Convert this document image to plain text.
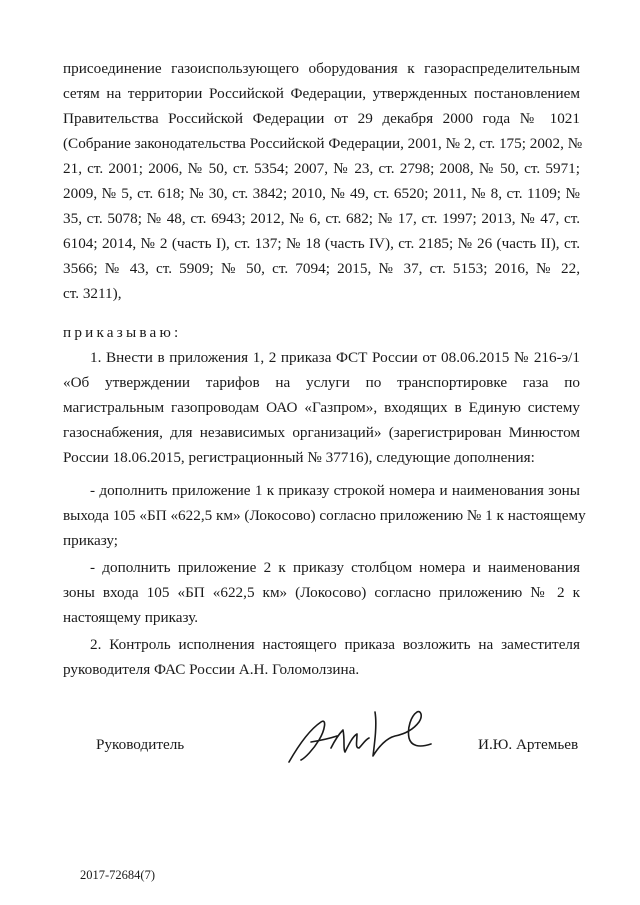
присоединение газоиспользующего оборудования к газораспределительным
сетям на территории Российской Федерации, утвержденных постановлением
Правительства Российской Федерации от 29 декабря 2000 года № 1021
(Собрание законодательства Российской Федерации, 2001, № 2, ст. 175; 2002, №
21, ст. 2001; 2006, № 50, ст. 5354; 2007, № 23, ст. 2798; 2008, № 50, ст. 5971;
2009, № 5, ст. 618; № 30, ст. 3842; 2010, № 49, ст. 6520; 2011, № 8, ст. 1109; №
35, ст. 5078; № 48, ст. 6943; 2012, № 6, ст. 682; № 17, ст. 1997; 2013, № 47, ст.
6104; 2014, № 2 (часть I), ст. 137; № 18 (часть IV), ст. 2185; № 26 (часть II), ст.
3566; № 43, ст. 5909; № 50, ст. 7094; 2015, № 37, ст. 5153; 2016, № 22,
ст. 3211),
приказываю:
1. Внести в приложения 1, 2 приказа ФСТ России от 08.06.2015 № 216-э/1
«Об утверждении тарифов на услуги по транспортировке газа по
магистральным газопроводам ОАО «Газпром», входящих в Единую систему
газоснабжения, для независимых организаций» (зарегистрирован Минюстом
России 18.06.2015, регистрационный № 37716), следующие дополнения:
- дополнить приложение 1 к приказу строкой номера и наименования зоны
выхода 105 «БП «622,5 км» (Локосово) согласно приложению № 1 к настоящему
приказу;
- дополнить приложение 2 к приказу столбцом номера и наименования
зоны входа 105 «БП «622,5 км» (Локосово) согласно приложению № 2 к
настоящему приказу.
2. Контроль исполнения настоящего приказа возложить на заместителя
руководителя ФАС России А.Н. Голомолзина.
Руководитель	И.Ю. Артемьев
2017-72684(7)
